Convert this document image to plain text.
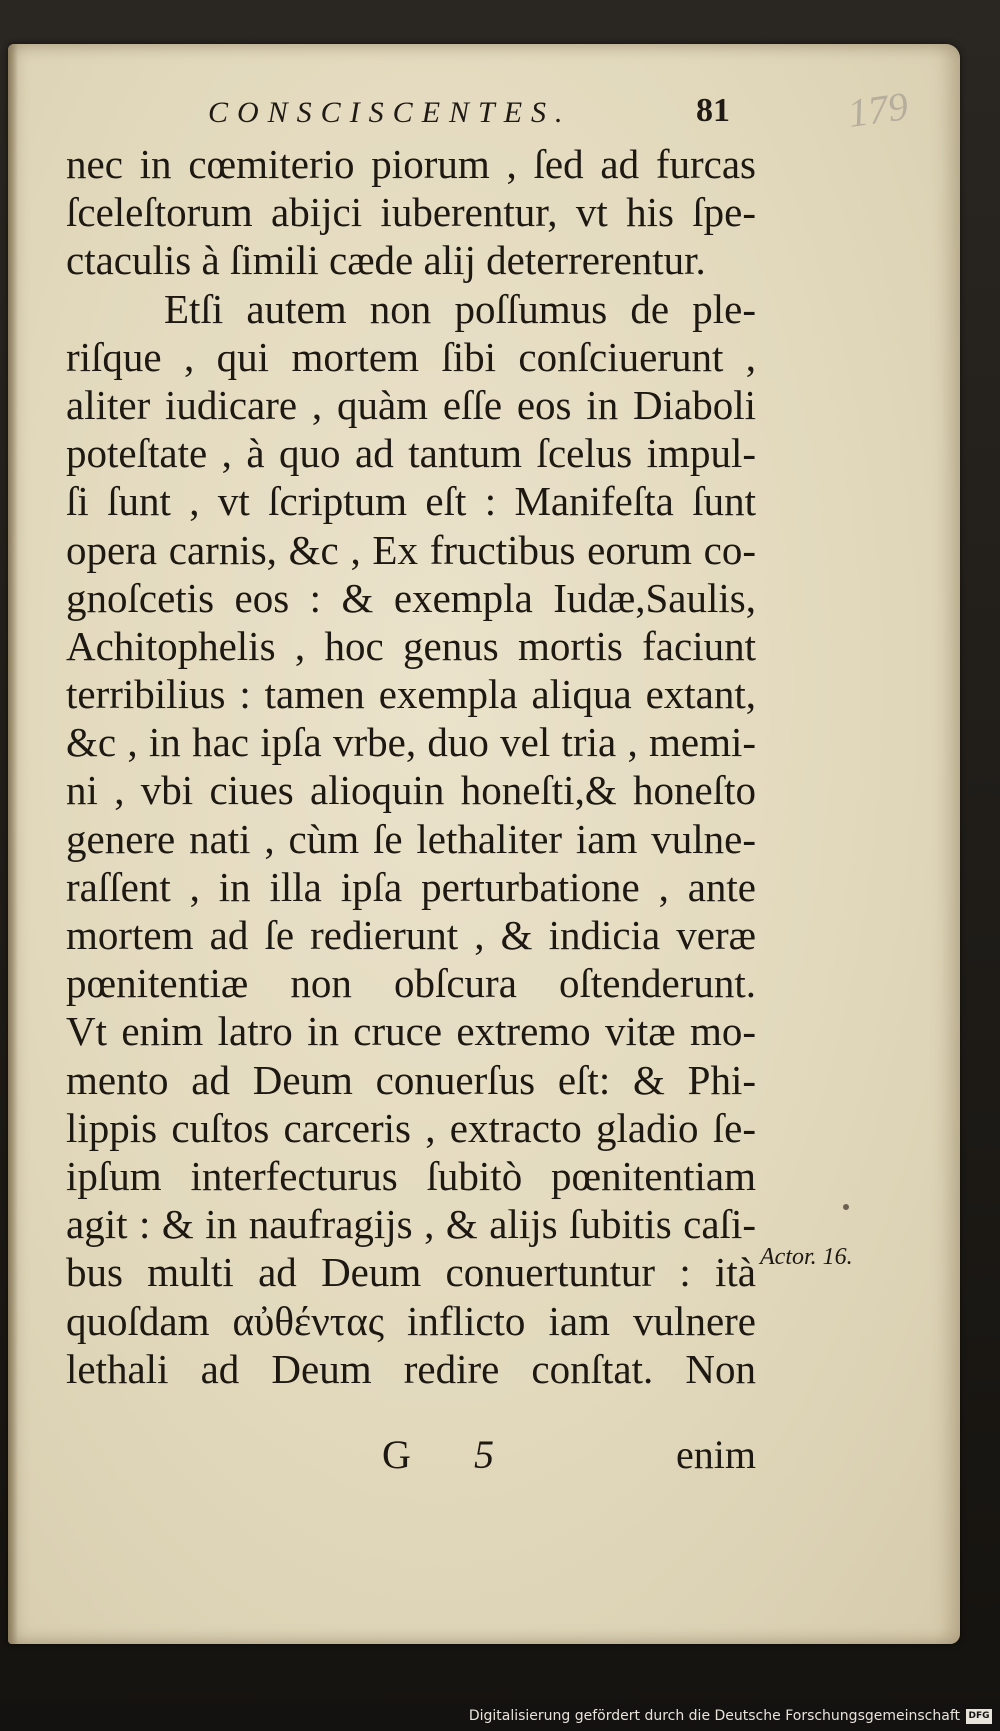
CONSCISCENTES.	81	179
nec in cœmiterio piorum , ſed ad furcas
ſceleſtorum abijci iuberentur, vt his ſpe-
ctaculis à ſimili cæde alij deterrerentur.
Etſi autem non poſſumus de ple-
riſque , qui mortem ſibi conſciuerunt ,
aliter iudicare , quàm eſſe eos in Diaboli
poteſtate , à quo ad tantum ſcelus impul-
ſi ſunt , vt ſcriptum eſt : Manifeſta ſunt
opera carnis, &c , Ex fructibus eorum co-
gnoſcetis eos : & exempla Iudæ,Saulis,
Achitophelis , hoc genus mortis faciunt
terribilius : tamen exempla aliqua extant,
&c , in hac ipſa vrbe, duo vel tria , memi-
ni , vbi ciues alioquin honeſti,& honeſto
genere nati , cùm ſe lethaliter iam vulne-
raſſent , in illa ipſa perturbatione , ante
mortem ad ſe redierunt , & indicia veræ
pœnitentiæ non obſcura oſtenderunt.
Vt enim latro in cruce extremo vitæ mo-
mento ad Deum conuerſus eſt: & Phi-
lippis cuſtos carceris , extracto gladio ſe-
ipſum interfecturus ſubitò pœnitentiam
agit : & in naufragijs , & alijs ſubitis caſi-
bus multi ad Deum conuertuntur : ità
quoſdam αὐθέντας inflicto iam vulnere
lethali ad Deum redire conſtat. Non
Actor. 16.
G 5	enim
Digitalisierung gefördert durch die Deutsche Forschungsgemeinschaft DFG
